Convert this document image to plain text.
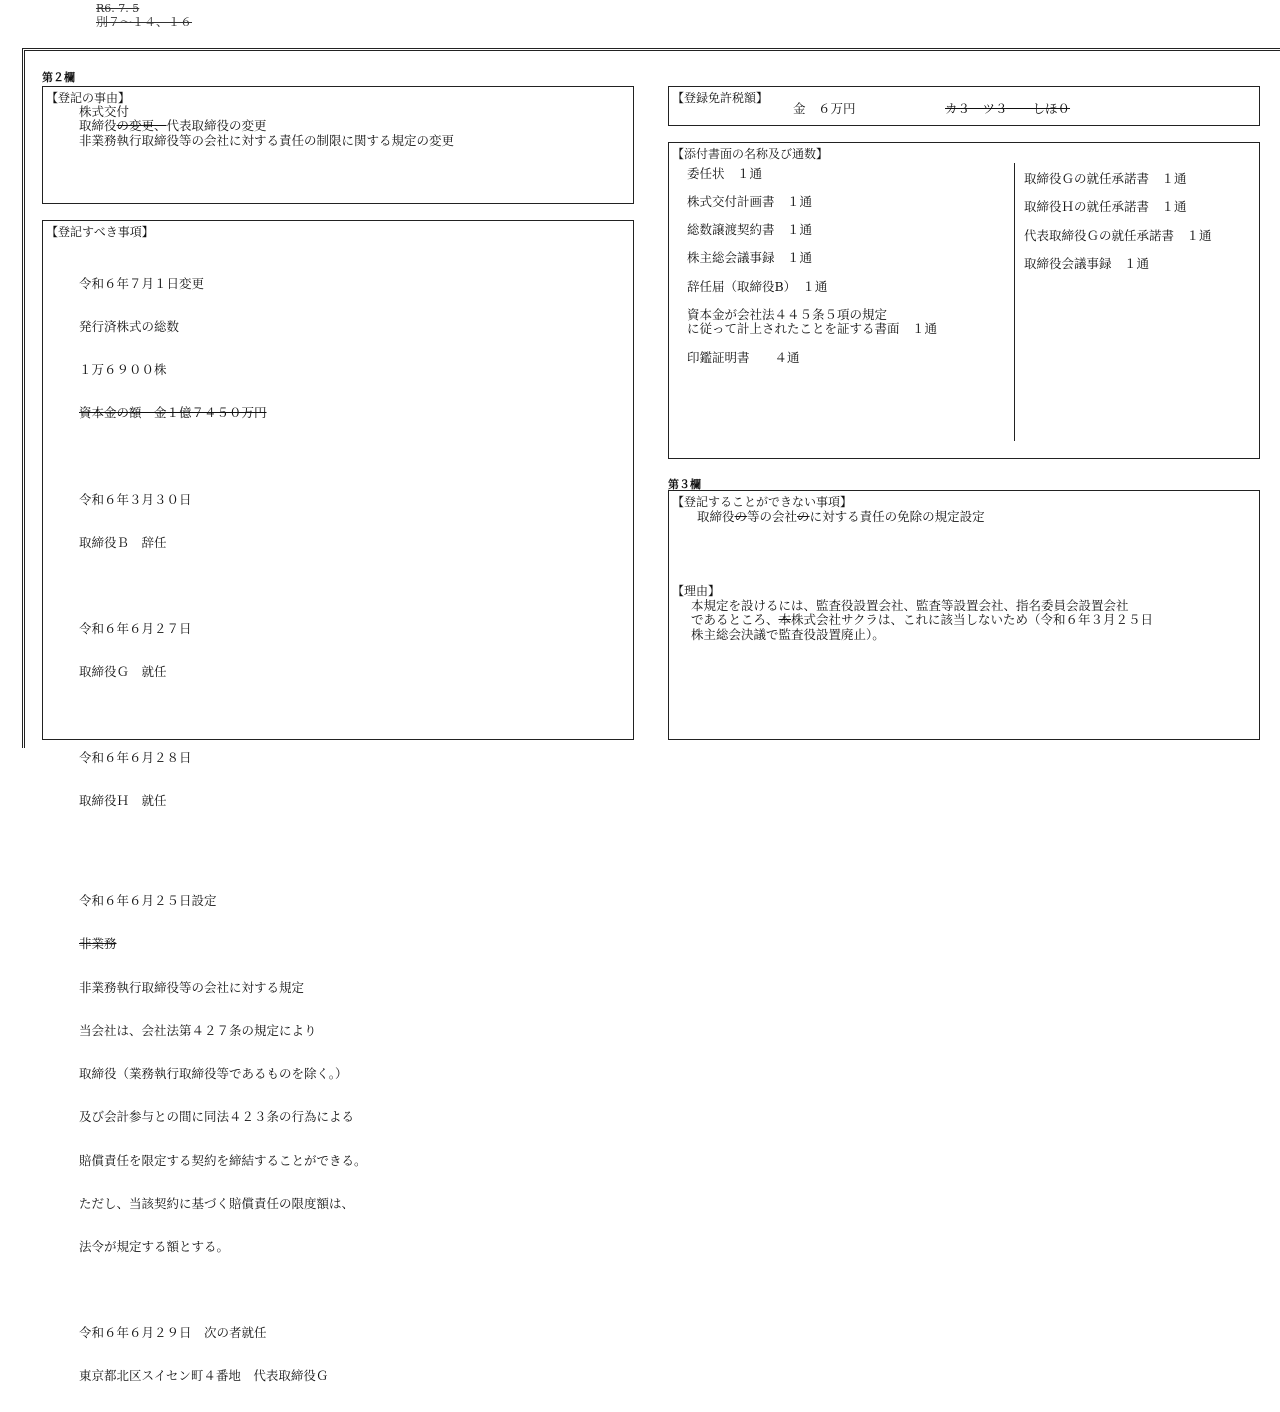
R6. 7. 5
別７～１４、１６
第２欄
【登記の事由】
株式交付
取締役の変更、代表取締役の変更
非業務執行取締役等の会社に対する責任の制限に関する規定の変更
【登記すべき事項】

令和６年７月１日変更

発行済株式の総数

１万６９００株

資本金の額　金１億７４５０万円

令和６年３月３０日

取締役Ｂ　辞任

令和６年６月２７日

取締役Ｇ　就任

令和６年６月２８日

取締役Ｈ　就任

令和６年６月２５日設定

非業務

非業務執行取締役等の会社に対する規定

当会社は、会社法第４２７条の規定により

取締役（業務執行取締役等であるものを除く。）

及び会計参与との間に同法４２３条の行為による

賠償責任を限定する契約を締結することができる。

ただし、当該契約に基づく賠償責任の限度額は、

法令が規定する額とする。

令和６年６月２９日　次の者就任

東京都北区スイセン町４番地　代表取締役Ｇ

【登録免許税額】
金　６万円	カ３　ツ３　　しほ０
【添付書面の名称及び通数】
委任状　１通
株式交付計画書　１通
総数譲渡契約書　１通
株主総会議事録　１通
辞任届（取締役B）　１通
資本金が会社法４４５条５項の規定
に従って計上されたことを証する書面　１通
印鑑証明書　　４通
取締役Ｇの就任承諾書　１通
取締役Ｈの就任承諾書　１通
代表取締役Ｇの就任承諾書　１通
取締役会議事録　１通
第３欄
【登記することができない事項】
取締役の等の会社のに対する責任の免除の規定設定
【理由】
本規定を設けるには、監査役設置会社、監査等設置会社、指名委員会設置会社
であるところ、本株式会社サクラは、これに該当しないため（令和６年３月２５日
株主総会決議で監査役設置廃止）。
